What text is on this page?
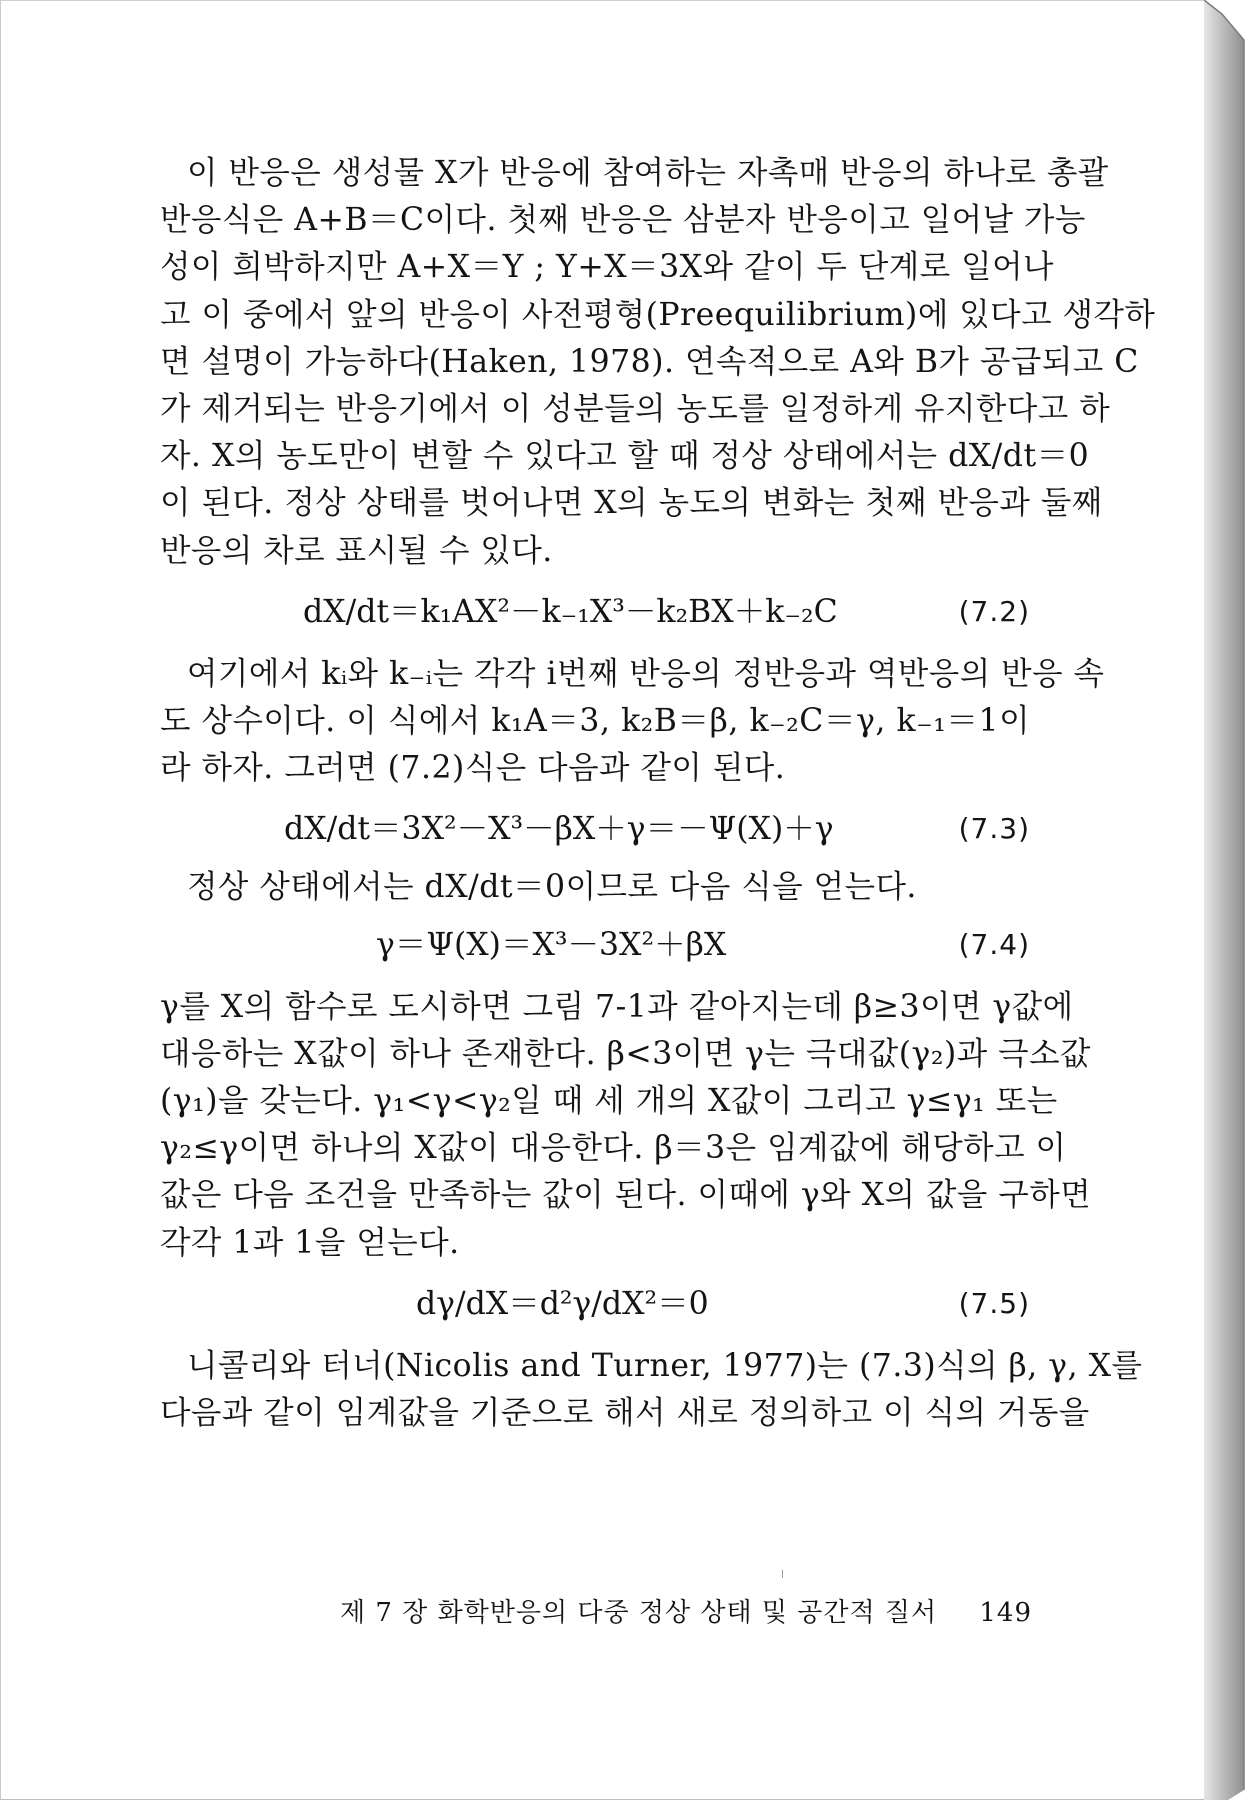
이 반응은 생성물 X가 반응에 참여하는 자촉매 반응의 하나로 총괄
반응식은 A+B＝C이다. 첫째 반응은 삼분자 반응이고 일어날 가능
성이 희박하지만 A+X＝Y ; Y+X＝3X와 같이 두 단계로 일어나
고 이 중에서 앞의 반응이 사전평형(Preequilibrium)에 있다고 생각하
면 설명이 가능하다(Haken, 1978). 연속적으로 A와 B가 공급되고 C
가 제거되는 반응기에서 이 성분들의 농도를 일정하게 유지한다고 하
자. X의 농도만이 변할 수 있다고 할 때 정상 상태에서는 dX/dt＝0
이 된다. 정상 상태를 벗어나면 X의 농도의 변화는 첫째 반응과 둘째
반응의 차로 표시될 수 있다.

dX/dt＝k₁AX²－k₋₁X³－k₂BX＋k₋₂C	(7.2)

여기에서 kᵢ와 k₋ᵢ는 각각 i번째 반응의 정반응과 역반응의 반응 속
도 상수이다. 이 식에서 k₁A＝3, k₂B＝β, k₋₂C＝γ, k₋₁＝1이
라 하자. 그러면 (7.2)식은 다음과 같이 된다.

dX/dt＝3X²－X³－βX＋γ＝－Ψ(X)＋γ	(7.3)

정상 상태에서는 dX/dt＝0이므로 다음 식을 얻는다.

γ＝Ψ(X)＝X³－3X²＋βX	(7.4)

γ를 X의 함수로 도시하면 그림 7-1과 같아지는데 β≥3이면 γ값에
대응하는 X값이 하나 존재한다. β<3이면 γ는 극대값(γ₂)과 극소값
(γ₁)을 갖는다. γ₁<γ<γ₂일 때 세 개의 X값이 그리고 γ≤γ₁ 또는
γ₂≤γ이면 하나의 X값이 대응한다. β＝3은 임계값에 해당하고 이
값은 다음 조건을 만족하는 값이 된다. 이때에 γ와 X의 값을 구하면
각각 1과 1을 얻는다.

dγ/dX＝d²γ/dX²＝0	(7.5)

니콜리와 터너(Nicolis and Turner, 1977)는 (7.3)식의 β, γ, X를
다음과 같이 임계값을 기준으로 해서 새로 정의하고 이 식의 거동을

제 7 장 화학반응의 다중 정상 상태 및 공간적 질서 149
